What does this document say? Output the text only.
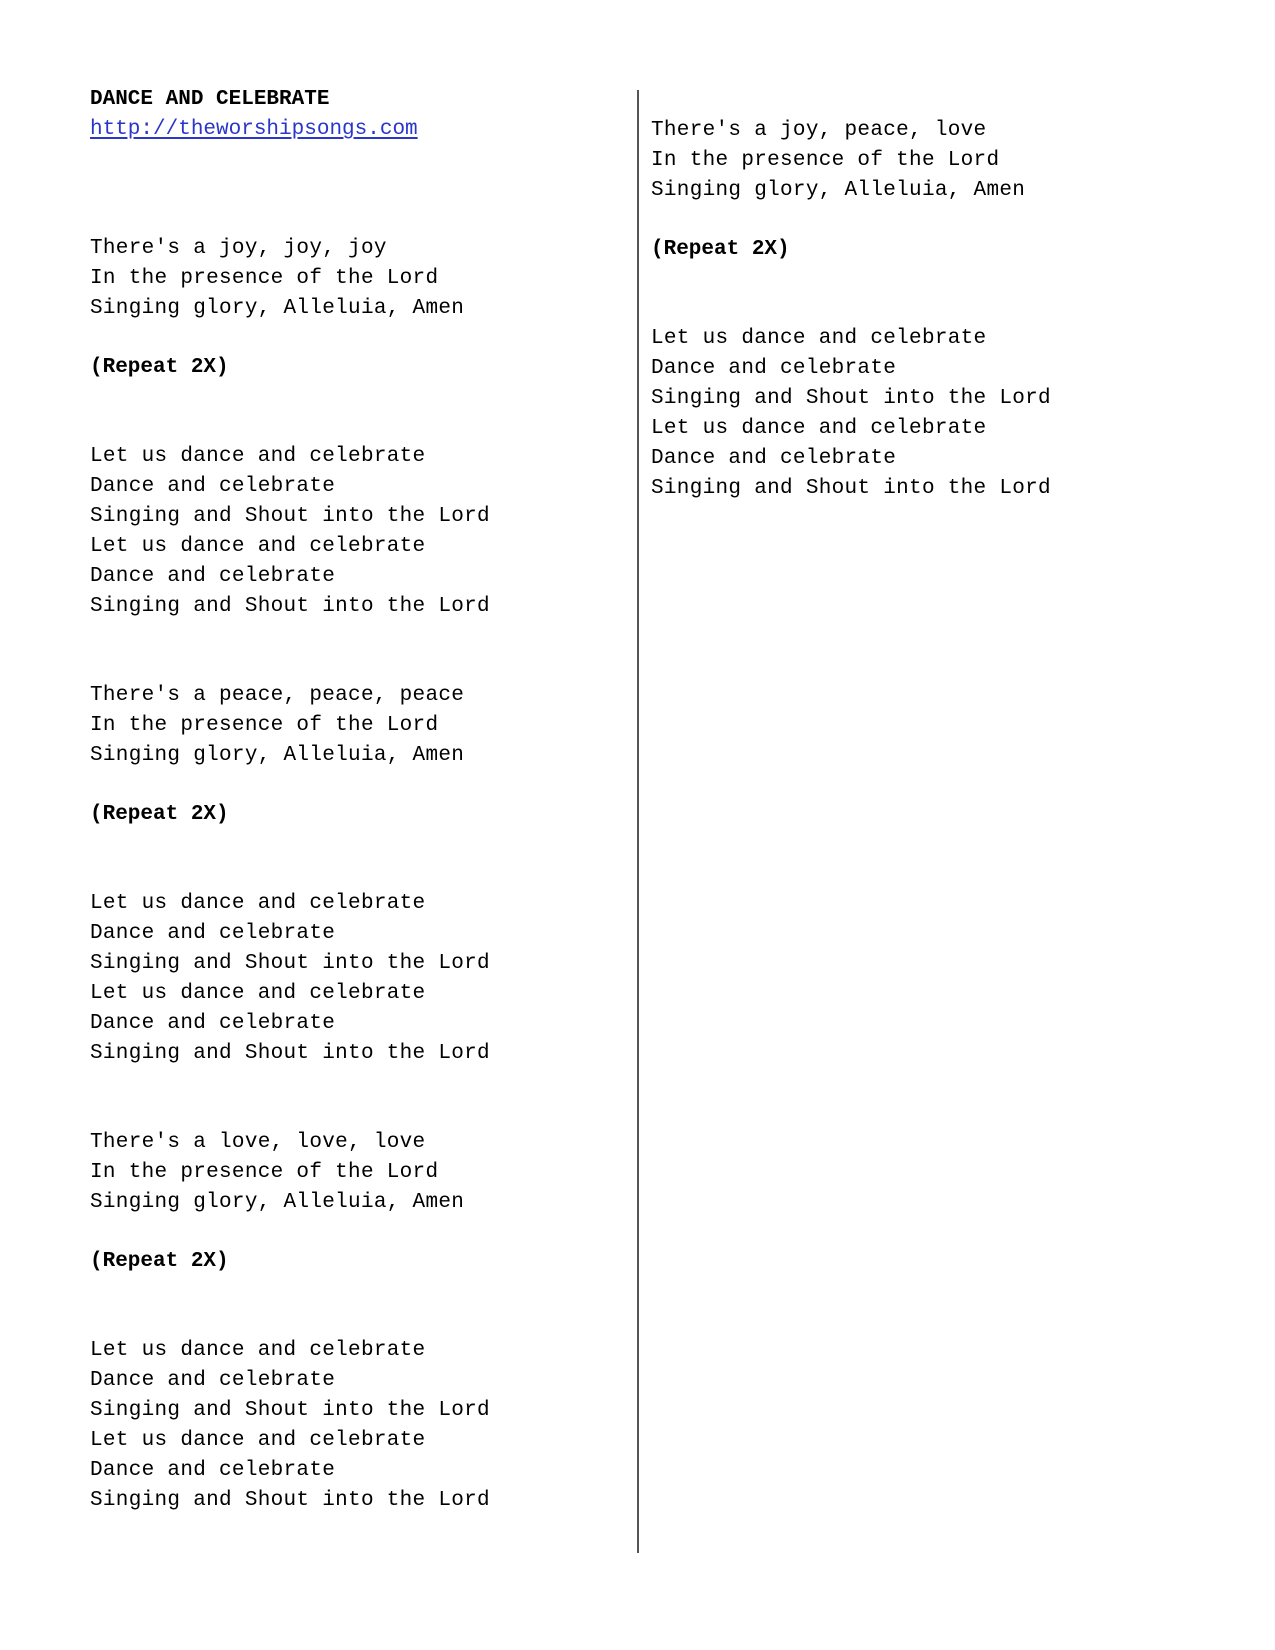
DANCE AND CELEBRATE
http://theworshipsongs.com
There's a joy, joy, joy
In the presence of the Lord
Singing glory, Alleluia, Amen
(Repeat 2X)
Let us dance and celebrate
Dance and celebrate
Singing and Shout into the Lord
Let us dance and celebrate
Dance and celebrate
Singing and Shout into the Lord
There's a peace, peace, peace
In the presence of the Lord
Singing glory, Alleluia, Amen
(Repeat 2X)
Let us dance and celebrate
Dance and celebrate
Singing and Shout into the Lord
Let us dance and celebrate
Dance and celebrate
Singing and Shout into the Lord
There's a love, love, love
In the presence of the Lord
Singing glory, Alleluia, Amen
(Repeat 2X)
Let us dance and celebrate
Dance and celebrate
Singing and Shout into the Lord
Let us dance and celebrate
Dance and celebrate
Singing and Shout into the Lord
There's a joy, peace, love
In the presence of the Lord
Singing glory, Alleluia, Amen
(Repeat 2X)
Let us dance and celebrate
Dance and celebrate
Singing and Shout into the Lord
Let us dance and celebrate
Dance and celebrate
Singing and Shout into the Lord
